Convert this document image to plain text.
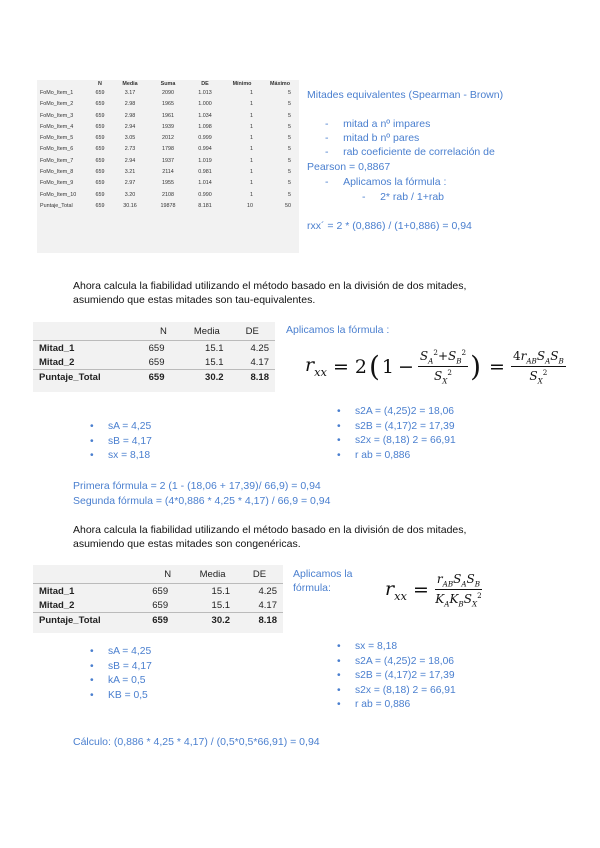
	N	Media	Suma	DE	Mínimo	Máximo
FoMo_Item_1	659	3.17	2090	1.013	1	5
FoMo_Item_2	659	2.98	1965	1.000	1	5
FoMo_Item_3	659	2.98	1961	1.034	1	5
FoMo_Item_4	659	2.94	1939	1.098	1	5
FoMo_Item_5	659	3.05	2012	0.999	1	5
FoMo_Item_6	659	2.73	1798	0.994	1	5
FoMo_Item_7	659	2.94	1937	1.019	1	5
FoMo_Item_8	659	3.21	2114	0.981	1	5
FoMo_Item_9	659	2.97	1955	1.014	1	5
FoMo_Item_10	659	3.20	2108	0.990	1	5
Puntaje_Total	659	30.16	19878	8.181	10	50
Mitades equivalentes (Spearman - Brown)
-     mitad a nº impares
-     mitad b nº pares
-     rab coeficiente de correlación de
Pearson = 0,8867
-     Aplicamos la fórmula :
-     2* rab / 1+rab
rxx´ = 2 * (0,886) / (1+0,886) = 0,94
Ahora calcula la fiabilidad utilizando el método basado en la división de dos mitades,
asumiendo que estas mitades son tau-equivalentes.
	N	Media	DE
Mitad_1	659	15.1	4.25
Mitad_2	659	15.1	4.17
Puntaje_Total	659	30.2	8.18
Aplicamos la fórmula :
$r_{xx} = 2$ ( $1 - \frac{S_A^2+S_B^2}{S_X^2}$ ) = $\frac{4r_{AB}S_AS_B}{S_X^2}$
• sA = 4,25
• sB = 4,17
• sx = 8,18
• s2A = (4,25)2 = 18,06
• s2B = (4,17)2 = 17,39
• s2x = (8,18) 2 = 66,91
• r ab = 0,886
Primera fórmula = 2 (1 - (18,06 + 17,39)/ 66,9) = 0,94
Segunda fórmula = (4*0,886 * 4,25 * 4,17) / 66,9 = 0,94
Ahora calcula la fiabilidad utilizando el método basado en la división de dos mitades,
asumiendo que estas mitades son congenéricas.
	N	Media	DE
Mitad_1	659	15.1	4.25
Mitad_2	659	15.1	4.17
Puntaje_Total	659	30.2	8.18
Aplicamos la
fórmula:	$r_{xx} = \frac{r_{AB}S_AS_B}{K_AK_BS_X^2}$
• sA = 4,25
• sB = 4,17
• kA = 0,5
• KB = 0,5
• sx = 8,18
• s2A = (4,25)2 = 18,06
• s2B = (4,17)2 = 17,39
• s2x = (8,18) 2 = 66,91
• r ab = 0,886
Cálculo: (0,886 * 4,25 * 4,17) / (0,5*0,5*66,91) = 0,94
